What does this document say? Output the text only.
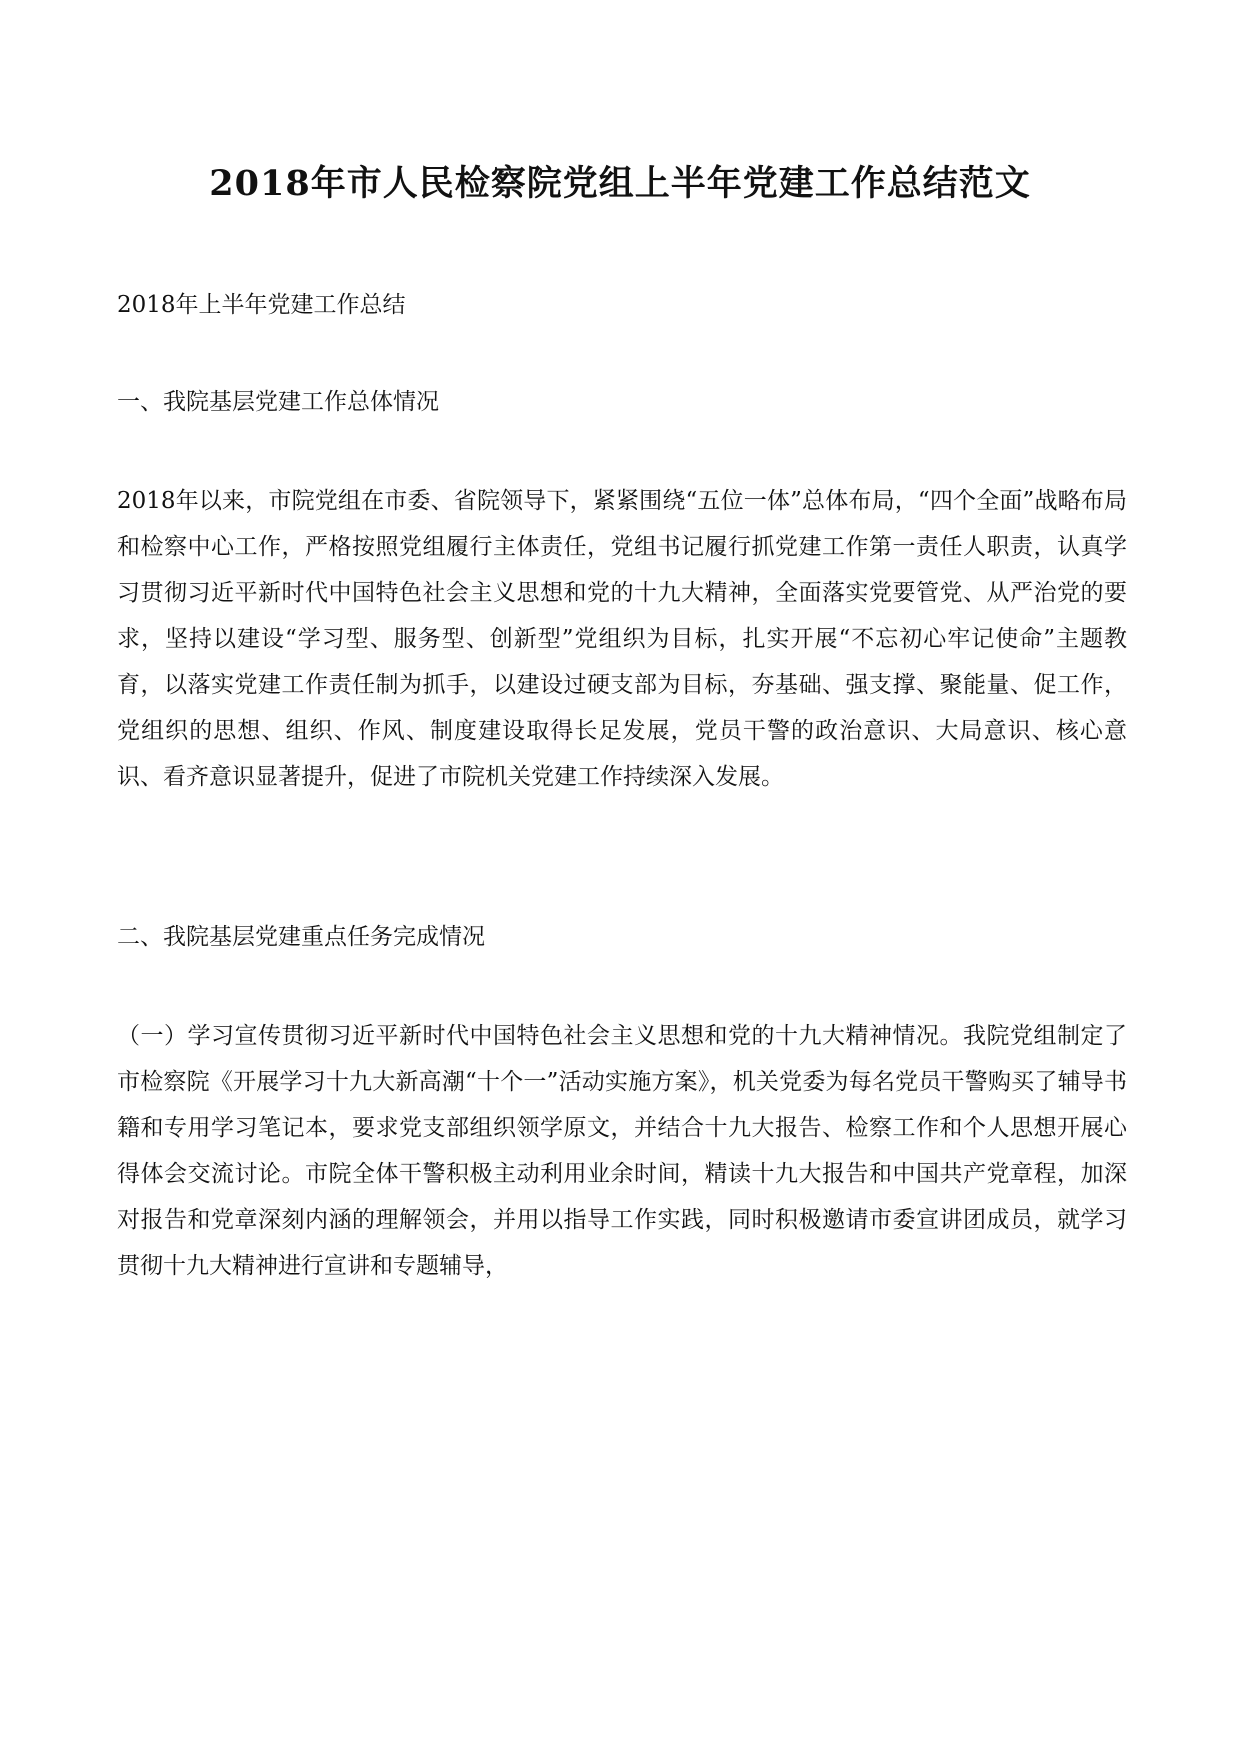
2018年市人民检察院党组上半年党建工作总结范文

2018年上半年党建工作总结

一、我院基层党建工作总体情况

2018年以来，市院党组在市委、省院领导下，紧紧围绕“五位一体”总体布局，“四个全面”战略布局和检察中心工作，严格按照党组履行主体责任，党组书记履行抓党建工作第一责任人职责，认真学习贯彻习近平新时代中国特色社会主义思想和党的十九大精神，全面落实党要管党、从严治党的要求，坚持以建设“学习型、服务型、创新型”党组织为目标，扎实开展“不忘初心牢记使命”主题教育，以落实党建工作责任制为抓手，以建设过硬支部为目标，夯基础、强支撑、聚能量、促工作，党组织的思想、组织、作风、制度建设取得长足发展，党员干警的政治意识、大局意识、核心意识、看齐意识显著提升，促进了市院机关党建工作持续深入发展。

二、我院基层党建重点任务完成情况

（一）学习宣传贯彻习近平新时代中国特色社会主义思想和党的十九大精神情况。我院党组制定了市检察院《开展学习十九大新高潮“十个一”活动实施方案》，机关党委为每名党员干警购买了辅导书籍和专用学习笔记本，要求党支部组织领学原文，并结合十九大报告、检察工作和个人思想开展心得体会交流讨论。市院全体干警积极主动利用业余时间，精读十九大报告和中国共产党章程，加深对报告和党章深刻内涵的理解领会，并用以指导工作实践，同时积极邀请市委宣讲团成员，就学习贯彻十九大精神进行宣讲和专题辅导，
